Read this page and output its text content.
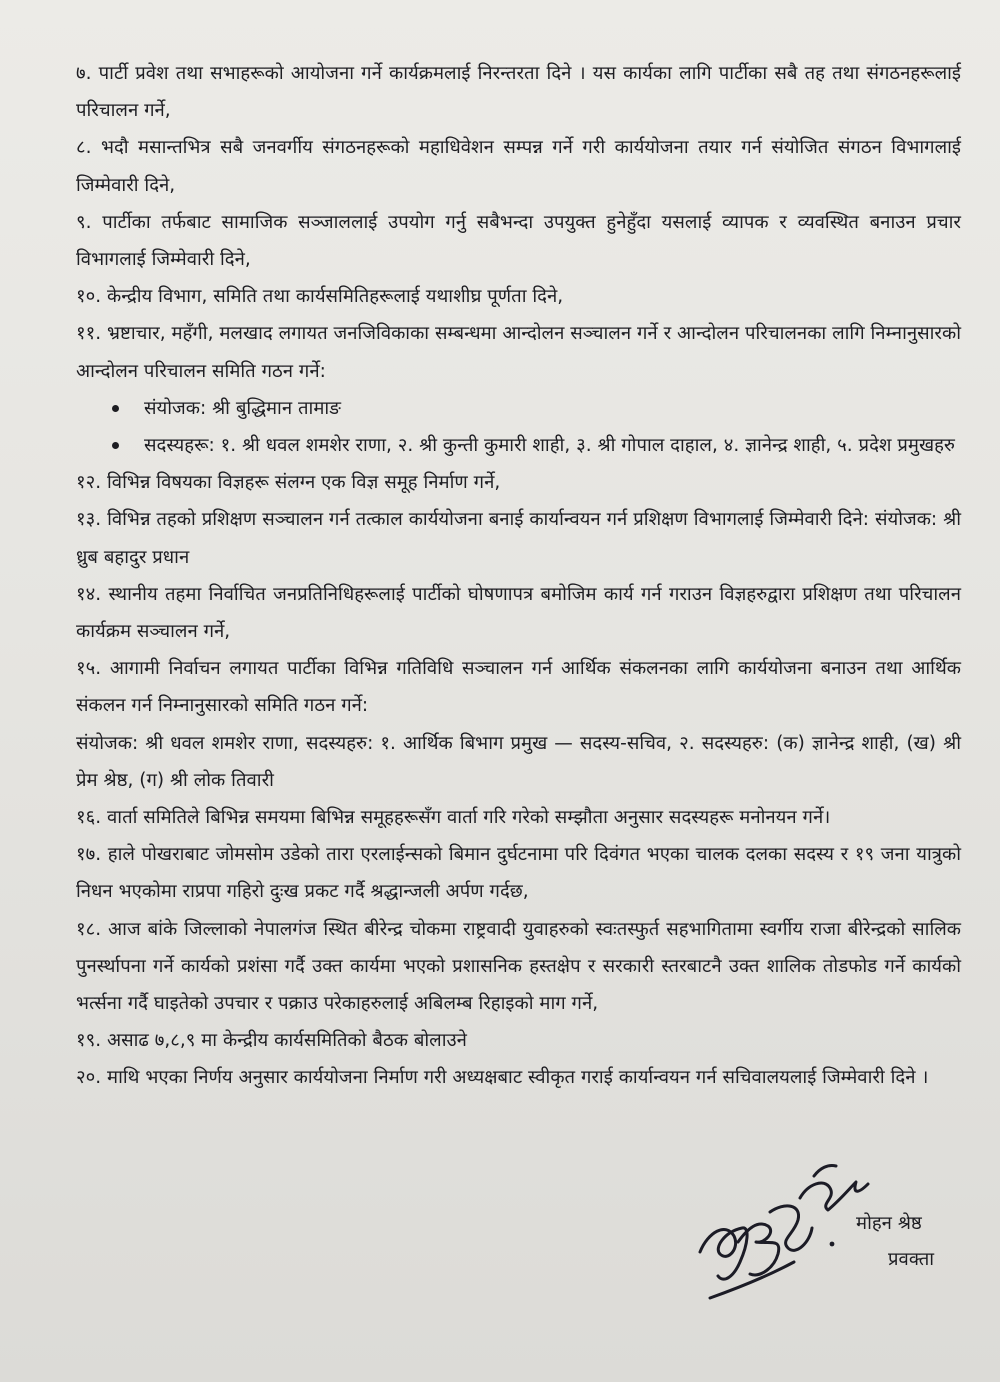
७. पार्टी प्रवेश तथा सभाहरूको आयोजना गर्ने कार्यक्रमलाई निरन्तरता दिने । यस कार्यका लागि पार्टीका सबै तह तथा संगठनहरूलाई परिचालन गर्ने,

८. भदौ मसान्तभित्र सबै जनवर्गीय संगठनहरूको महाधिवेशन सम्पन्न गर्ने गरी कार्ययोजना तयार गर्न संयोजित संगठन विभागलाई जिम्मेवारी दिने,

९. पार्टीका तर्फबाट सामाजिक सञ्जाललाई उपयोग गर्नु सबैभन्दा उपयुक्त हुनेहुँदा यसलाई व्यापक र व्यवस्थित बनाउन प्रचार विभागलाई जिम्मेवारी दिने,

१०. केन्द्रीय विभाग, समिति तथा कार्यसमितिहरूलाई यथाशीघ्र पूर्णता दिने,

११. भ्रष्टाचार, महँगी, मलखाद लगायत जनजिविकाका सम्बन्धमा आन्दोलन सञ्चालन गर्ने र आन्दोलन परिचालनका लागि निम्नानुसारको आन्दोलन परिचालन समिति गठन गर्ने:

संयोजक: श्री बुद्धिमान तामाङ
सदस्यहरू: १. श्री धवल शमशेर राणा, २. श्री कुन्ती कुमारी शाही, ३. श्री गोपाल दाहाल, ४. ज्ञानेन्द्र शाही, ५. प्रदेश प्रमुखहरु

१२. विभिन्न विषयका विज्ञहरू संलग्न एक विज्ञ समूह निर्माण गर्ने,

१३. विभिन्न तहको प्रशिक्षण सञ्चालन गर्न तत्काल कार्ययोजना बनाई कार्यान्वयन गर्न प्रशिक्षण विभागलाई जिम्मेवारी दिने: संयोजक: श्री ध्रुब बहादुर प्रधान

१४. स्थानीय तहमा निर्वाचित जनप्रतिनिधिहरूलाई पार्टीको घोषणापत्र बमोजिम कार्य गर्न गराउन विज्ञहरुद्वारा प्रशिक्षण तथा परिचालन कार्यक्रम सञ्चालन गर्ने,

१५. आगामी निर्वाचन लगायत पार्टीका विभिन्न गतिविधि सञ्चालन गर्न आर्थिक संकलनका लागि कार्ययोजना बनाउन तथा आर्थिक संकलन गर्न निम्नानुसारको समिति गठन गर्ने:

संयोजक: श्री धवल शमशेर राणा, सदस्यहरु: १. आर्थिक बिभाग प्रमुख — सदस्य-सचिव, २. सदस्यहरु: (क) ज्ञानेन्द्र शाही, (ख) श्री प्रेम श्रेष्ठ, (ग) श्री लोक तिवारी

१६. वार्ता समितिले बिभिन्न समयमा बिभिन्न समूहहरूसँग वार्ता गरि गरेको सम्झौता अनुसार सदस्यहरू मनोनयन गर्ने।

१७. हाले पोखराबाट जोमसोम उडेको तारा एरलाईन्सको बिमान दुर्घटनामा परि दिवंगत भएका चालक दलका सदस्य र १९ जना यात्रुको निधन भएकोमा राप्रपा गहिरो दुःख प्रकट गर्दै श्रद्धान्जली अर्पण गर्दछ,

१८. आज बांके जिल्लाको नेपालगंज स्थित बीरेन्द्र चोकमा राष्ट्रवादी युवाहरुको स्वःतस्फुर्त सहभागितामा स्वर्गीय राजा बीरेन्द्रको सालिक पुनर्स्थापना गर्ने कार्यको प्रशंसा गर्दै उक्त कार्यमा भएको प्रशासनिक हस्तक्षेप र सरकारी स्तरबाटनै उक्त शालिक तोडफोड गर्ने कार्यको भर्त्सना गर्दै घाइतेको उपचार र पक्राउ परेकाहरुलाई अबिलम्ब रिहाइको माग गर्ने,

१९. असाढ ७,८,९ मा केन्द्रीय कार्यसमितिको बैठक बोलाउने

२०. माथि भएका निर्णय अनुसार कार्ययोजना निर्माण गरी अध्यक्षबाट स्वीकृत गराई कार्यान्वयन गर्न सचिवालयलाई जिम्मेवारी दिने ।

मोहन श्रेष्ठ
प्रवक्ता
